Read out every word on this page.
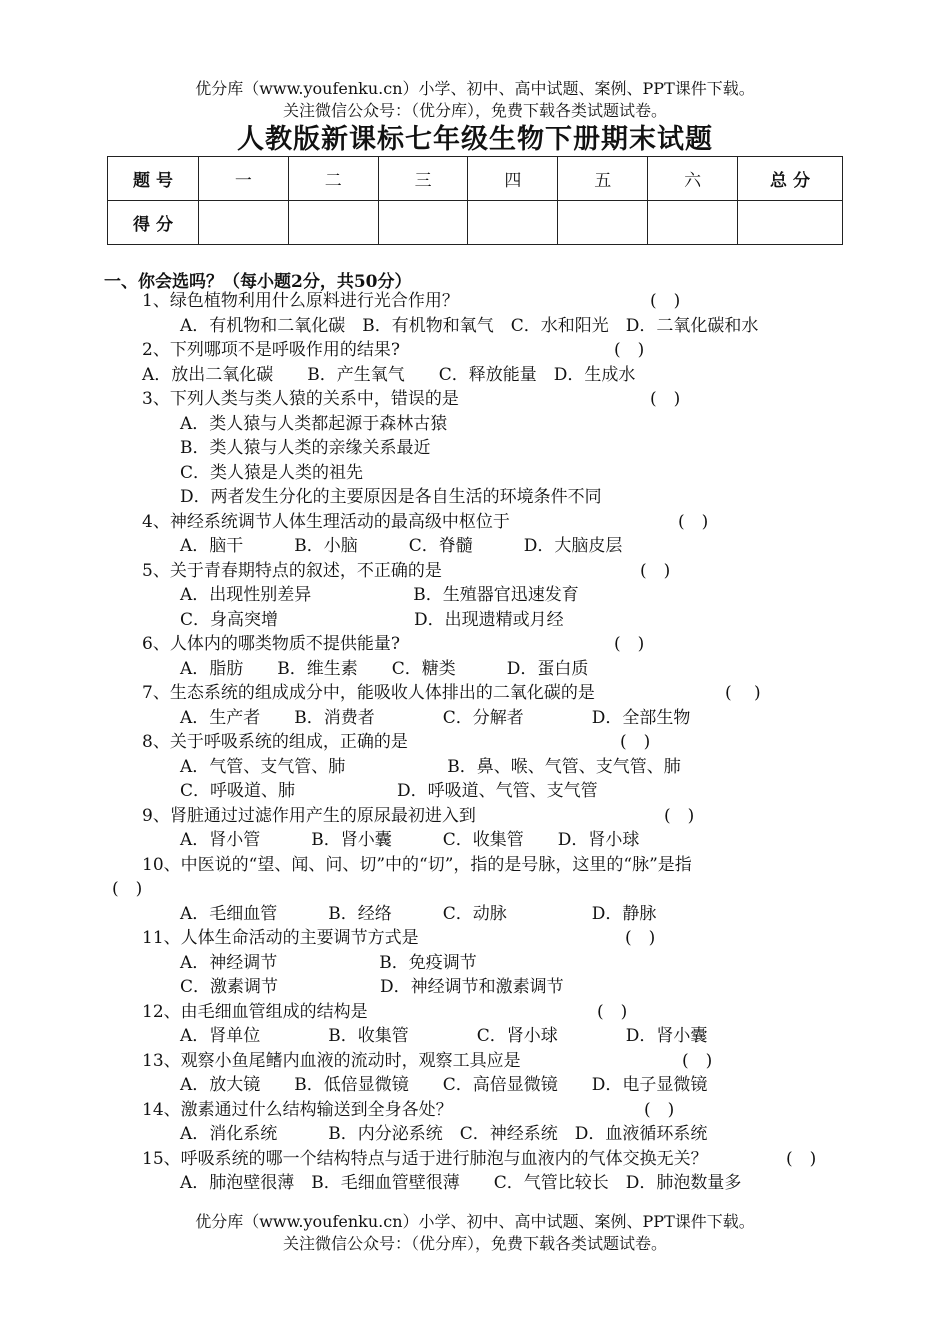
优分库（www.youfenku.cn）小学、初中、高中试题、案例、PPT课件下载。
关注微信公众号：（优分库），免费下载各类试题试卷。
人教版新课标七年级生物下册期末试题
题 号	一	二	三	四	五	六	总 分
得 分							
一、你会选吗？（每小题2分，共50分）
1、绿色植物利用什么原料进行光合作用？	(　)
A．有机物和二氧化碳　B．有机物和氧气　C．水和阳光　D．二氧化碳和水
2、下列哪项不是呼吸作用的结果?	(　)
A．放出二氧化碳　　B．产生氧气　　C．释放能量　D．生成水
3、下列人类与类人猿的关系中，错误的是	(　)
A．类人猿与人类都起源于森林古猿
B．类人猿与人类的亲缘关系最近
C．类人猿是人类的祖先
D．两者发生分化的主要原因是各自生活的环境条件不同
4、神经系统调节人体生理活动的最高级中枢位于	(　)
A．脑干　　　B．小脑　　　C．脊髓　　　D．大脑皮层
5、关于青春期特点的叙述，不正确的是	(　)
A．出现性别差异　　　　　　B．生殖器官迅速发育
C．身高突增　　　　　　　　D．出现遗精或月经
6、人体内的哪类物质不提供能量?	(　)
A．脂肪　　B．维生素　　C．糖类　　　D．蛋白质
7、生态系统的组成成分中，能吸收人体排出的二氧化碳的是	(　 )
A．生产者　　B．消费者　　　　C．分解者　　　　D．全部生物
8、关于呼吸系统的组成，正确的是	(　)
A．气管、支气管、肺　　　　　　B．鼻、喉、气管、支气管、肺
C．呼吸道、肺　　　　　　D．呼吸道、气管、支气管
9、肾脏通过过滤作用产生的原尿最初进入到	(　)
A．肾小管　　　B．肾小囊　　　C．收集管　　D．肾小球
10、中医说的“望、闻、问、切”中的“切”，指的是号脉，这里的“脉”是指
(　)
A．毛细血管　　　B．经络　　　C．动脉　　　　　D．静脉
11、人体生命活动的主要调节方式是	(　)
A．神经调节　　　　　　B．免疫调节
C．激素调节　　　　　　D．神经调节和激素调节
12、由毛细血管组成的结构是	(　)
A．肾单位　　　　B．收集管　　　　C．肾小球　　　　D．肾小囊
13、观察小鱼尾鳍内血液的流动时，观察工具应是	(　)
A．放大镜　　B．低倍显微镜　　C．高倍显微镜　　D．电子显微镜
14、激素通过什么结构输送到全身各处？	(　)
A．消化系统　　　B．内分泌系统　C．神经系统　D．血液循环系统
15、呼吸系统的哪一个结构特点与适于进行肺泡与血液内的气体交换无关？	(　)
A．肺泡壁很薄　B．毛细血管壁很薄　　C．气管比较长　D．肺泡数量多
优分库（www.youfenku.cn）小学、初中、高中试题、案例、PPT课件下载。
关注微信公众号：（优分库），免费下载各类试题试卷。
